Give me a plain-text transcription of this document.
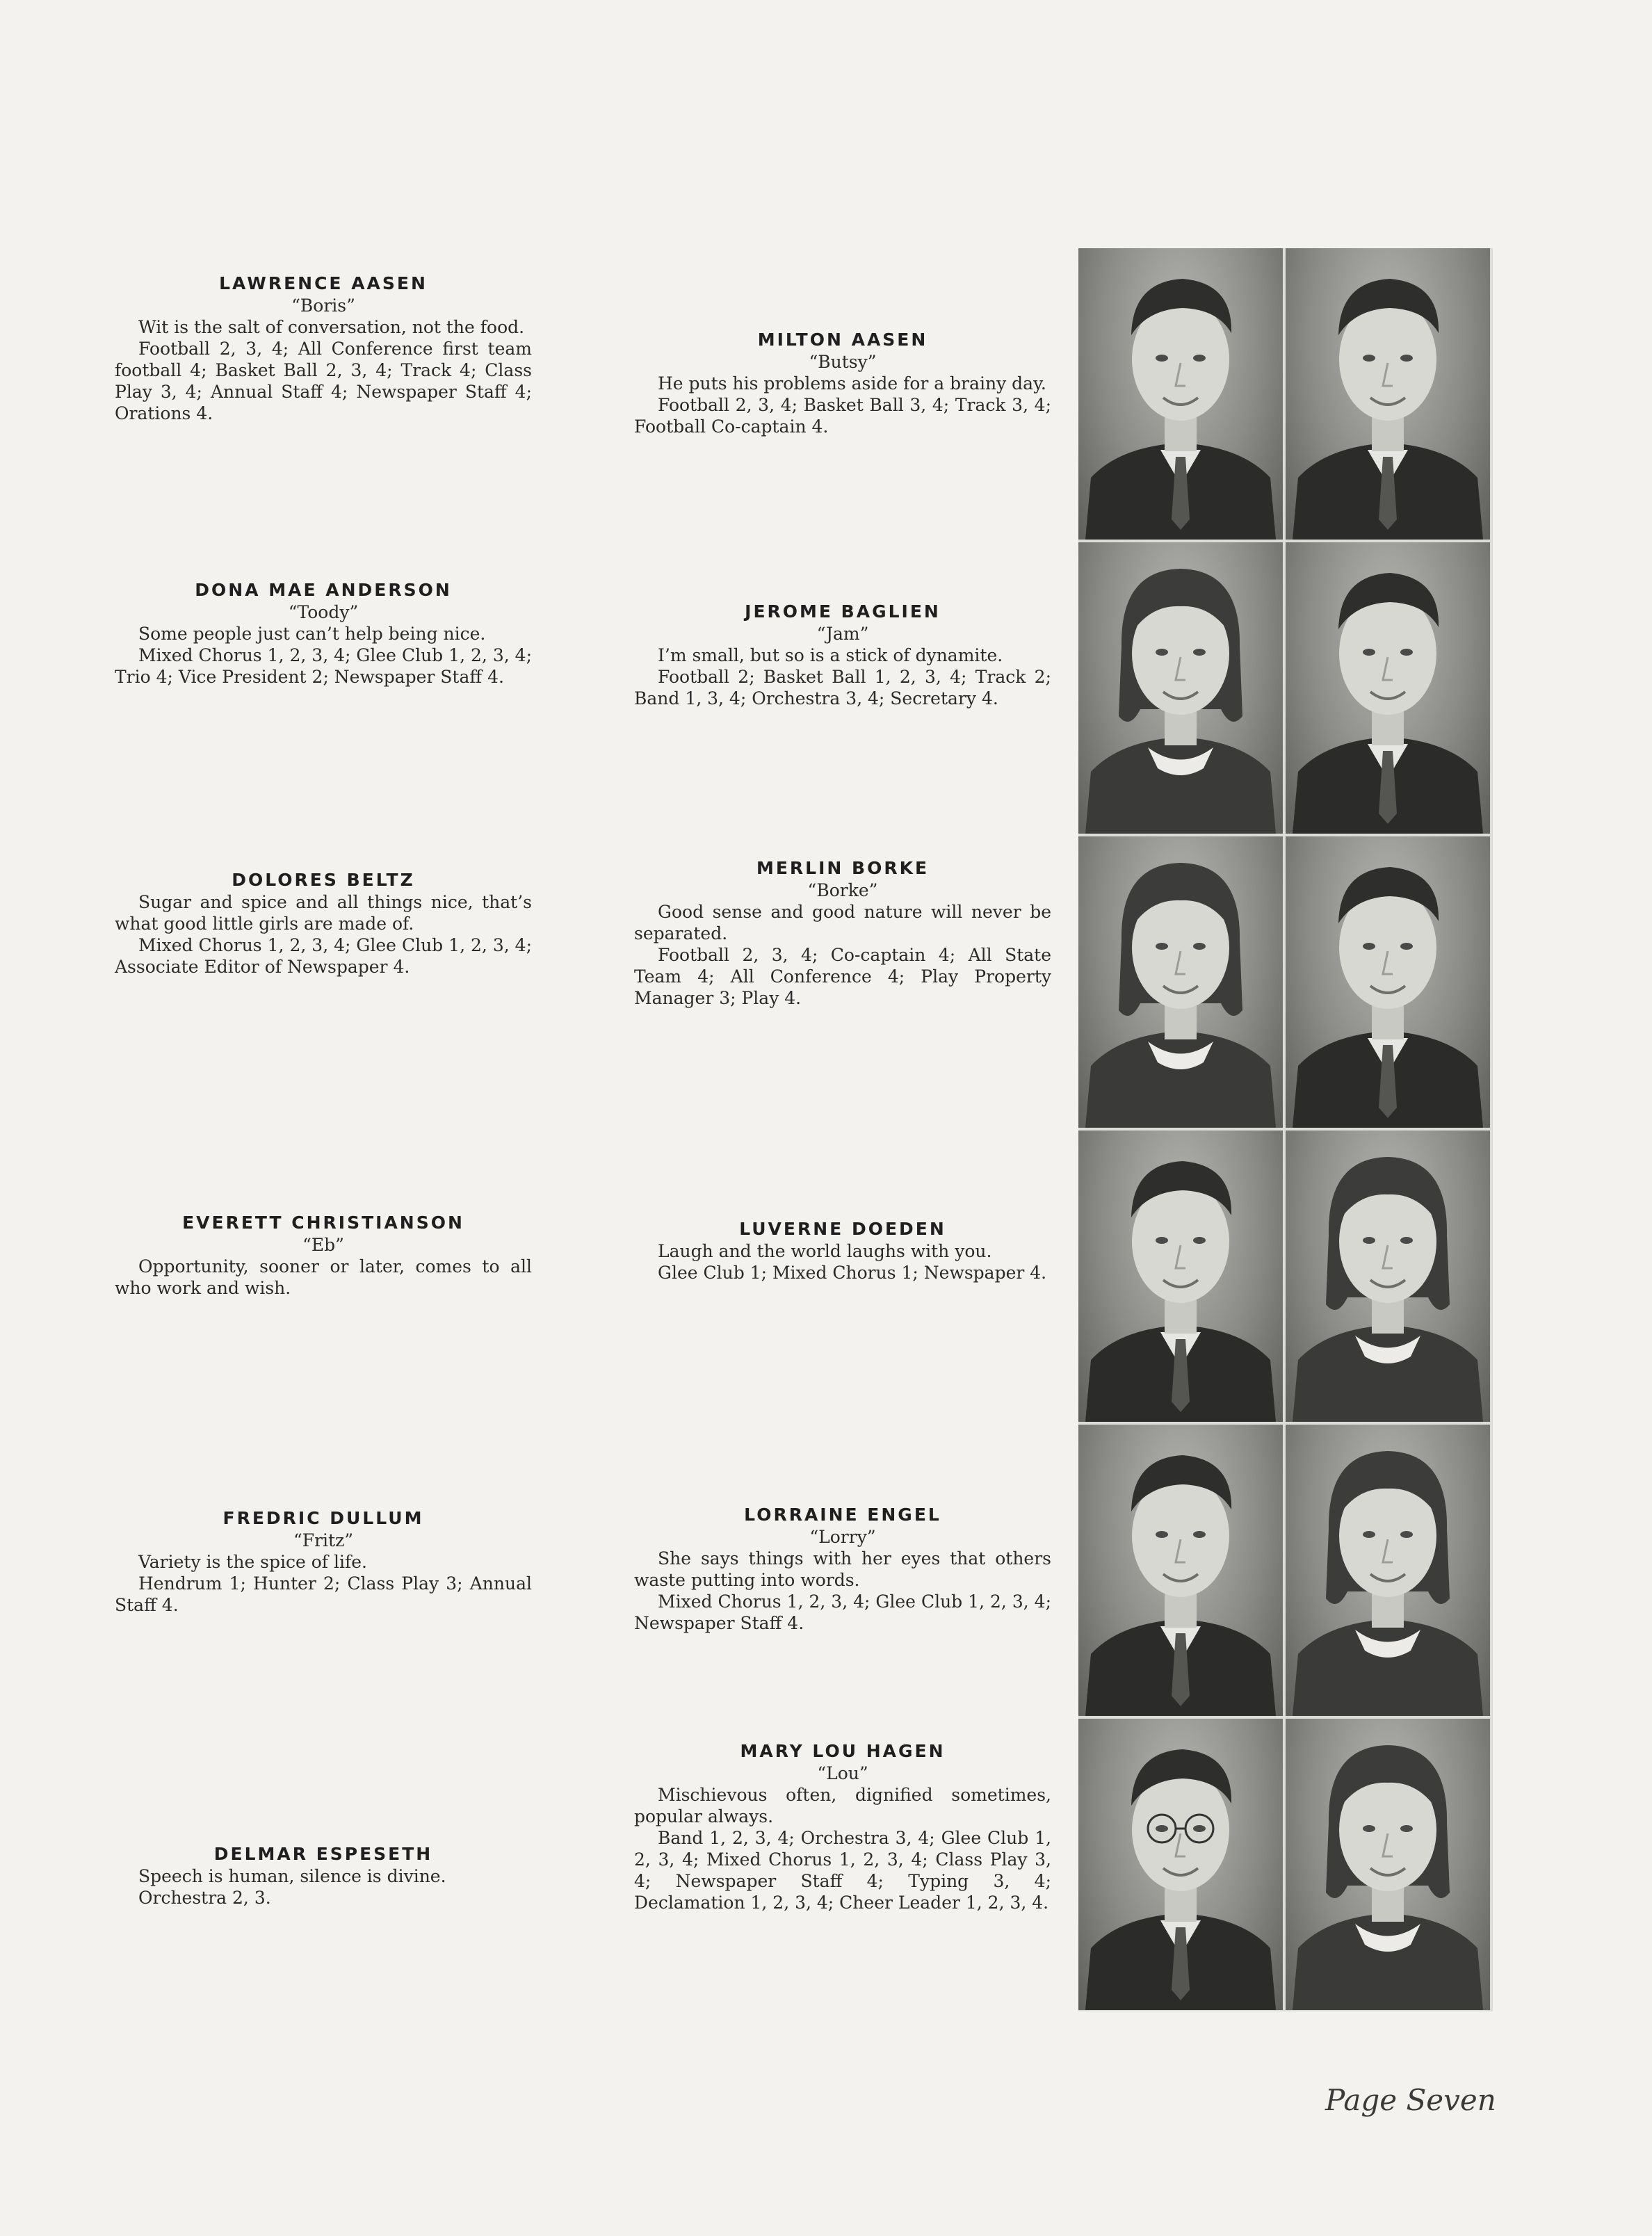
LAWRENCE AASEN
“Boris”
Wit is the salt of conversation, not the food.
Football 2, 3, 4; All Conference first team football 4; Basket Ball 2, 3, 4; Track 4; Class Play 3, 4; Annual Staff 4; Newspaper Staff 4; Orations 4.
DONA MAE ANDERSON
“Toody”
Some people just can’t help being nice.
Mixed Chorus 1, 2, 3, 4; Glee Club 1, 2, 3, 4; Trio 4; Vice President 2; Newspaper Staff 4.
DOLORES BELTZ
Sugar and spice and all things nice, that’s what good little girls are made of.
Mixed Chorus 1, 2, 3, 4; Glee Club 1, 2, 3, 4; Associate Editor of Newspaper 4.
EVERETT CHRISTIANSON
“Eb”
Opportunity, sooner or later, comes to all who work and wish.
FREDRIC DULLUM
“Fritz”
Variety is the spice of life.
Hendrum 1; Hunter 2; Class Play 3; Annual Staff 4.
DELMAR ESPESETH
Speech is human, silence is divine.
Orchestra 2, 3.
MILTON AASEN
“Butsy”
He puts his problems aside for a brainy day.
Football 2, 3, 4; Basket Ball 3, 4; Track 3, 4; Football Co-captain 4.
JEROME BAGLIEN
“Jam”
I’m small, but so is a stick of dynamite.
Football 2; Basket Ball 1, 2, 3, 4; Track 2; Band 1, 3, 4; Orchestra 3, 4; Secretary 4.
MERLIN BORKE
“Borke”
Good sense and good nature will never be separated.
Football 2, 3, 4; Co-captain 4; All State Team 4; All Conference 4; Play Property Manager 3; Play 4.
LUVERNE DOEDEN
Laugh and the world laughs with you.
Glee Club 1; Mixed Chorus 1; Newspaper 4.
LORRAINE ENGEL
“Lorry”
She says things with her eyes that others waste putting into words.
Mixed Chorus 1, 2, 3, 4; Glee Club 1, 2, 3, 4; Newspaper Staff 4.
MARY LOU HAGEN
“Lou”
Mischievous often, dignified sometimes, popular always.
Band 1, 2, 3, 4; Orchestra 3, 4; Glee Club 1, 2, 3, 4; Mixed Chorus 1, 2, 3, 4; Class Play 3, 4; Newspaper Staff 4; Typing 3, 4; Declamation 1, 2, 3, 4; Cheer Leader 1, 2, 3, 4.
Page Seven
